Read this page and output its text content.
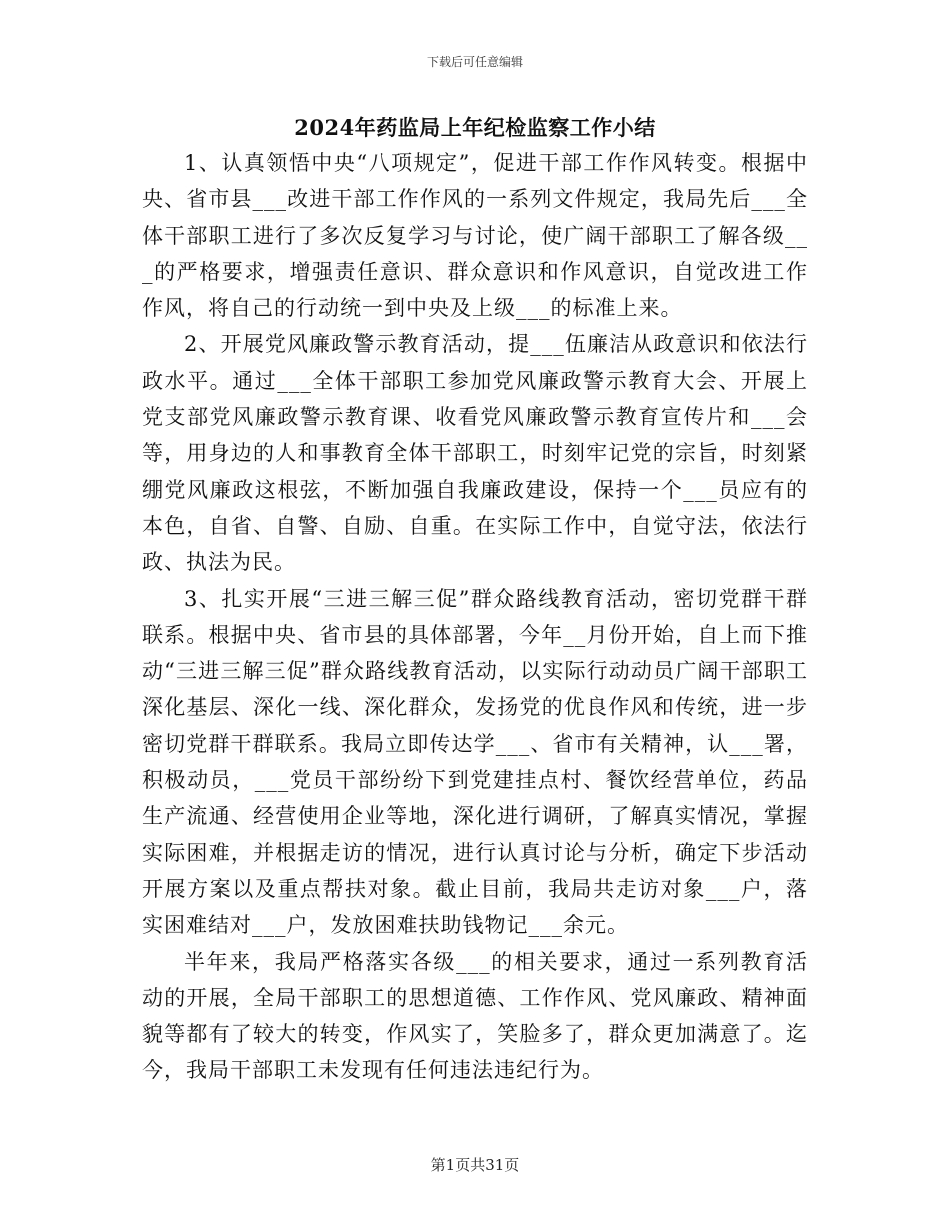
下载后可任意编辑
2024年药监局上年纪检监察工作小结

1、认真领悟中央“八项规定”，促进干部工作作风转变。根据中央、省市县___改进干部工作作风的一系列文件规定，我局先后___全体干部职工进行了多次反复学习与讨论，使广阔干部职工了解各级___的严格要求，增强责任意识、群众意识和作风意识，自觉改进工作作风，将自己的行动统一到中央及上级___的标准上来。

2、开展党风廉政警示教育活动，提___伍廉洁从政意识和依法行政水平。通过___全体干部职工参加党风廉政警示教育大会、开展上党支部党风廉政警示教育课、收看党风廉政警示教育宣传片和___会等，用身边的人和事教育全体干部职工，时刻牢记党的宗旨，时刻紧绷党风廉政这根弦，不断加强自我廉政建设，保持一个___员应有的本色，自省、自警、自励、自重。在实际工作中，自觉守法，依法行政、执法为民。

3、扎实开展“三进三解三促”群众路线教育活动，密切党群干群联系。根据中央、省市县的具体部署，今年__月份开始，自上而下推动“三进三解三促”群众路线教育活动，以实际行动动员广阔干部职工深化基层、深化一线、深化群众，发扬党的优良作风和传统，进一步密切党群干群联系。我局立即传达学___、省市有关精神，认___署，积极动员，___党员干部纷纷下到党建挂点村、餐饮经营单位，药品生产流通、经营使用企业等地，深化进行调研，了解真实情况，掌握实际困难，并根据走访的情况，进行认真讨论与分析，确定下步活动开展方案以及重点帮扶对象。截止目前，我局共走访对象___户，落实困难结对___户，发放困难扶助钱物记___余元。

半年来，我局严格落实各级___的相关要求，通过一系列教育活动的开展，全局干部职工的思想道德、工作作风、党风廉政、精神面貌等都有了较大的转变，作风实了，笑脸多了，群众更加满意了。迄今，我局干部职工未发现有任何违法违纪行为。

第1页共31页
